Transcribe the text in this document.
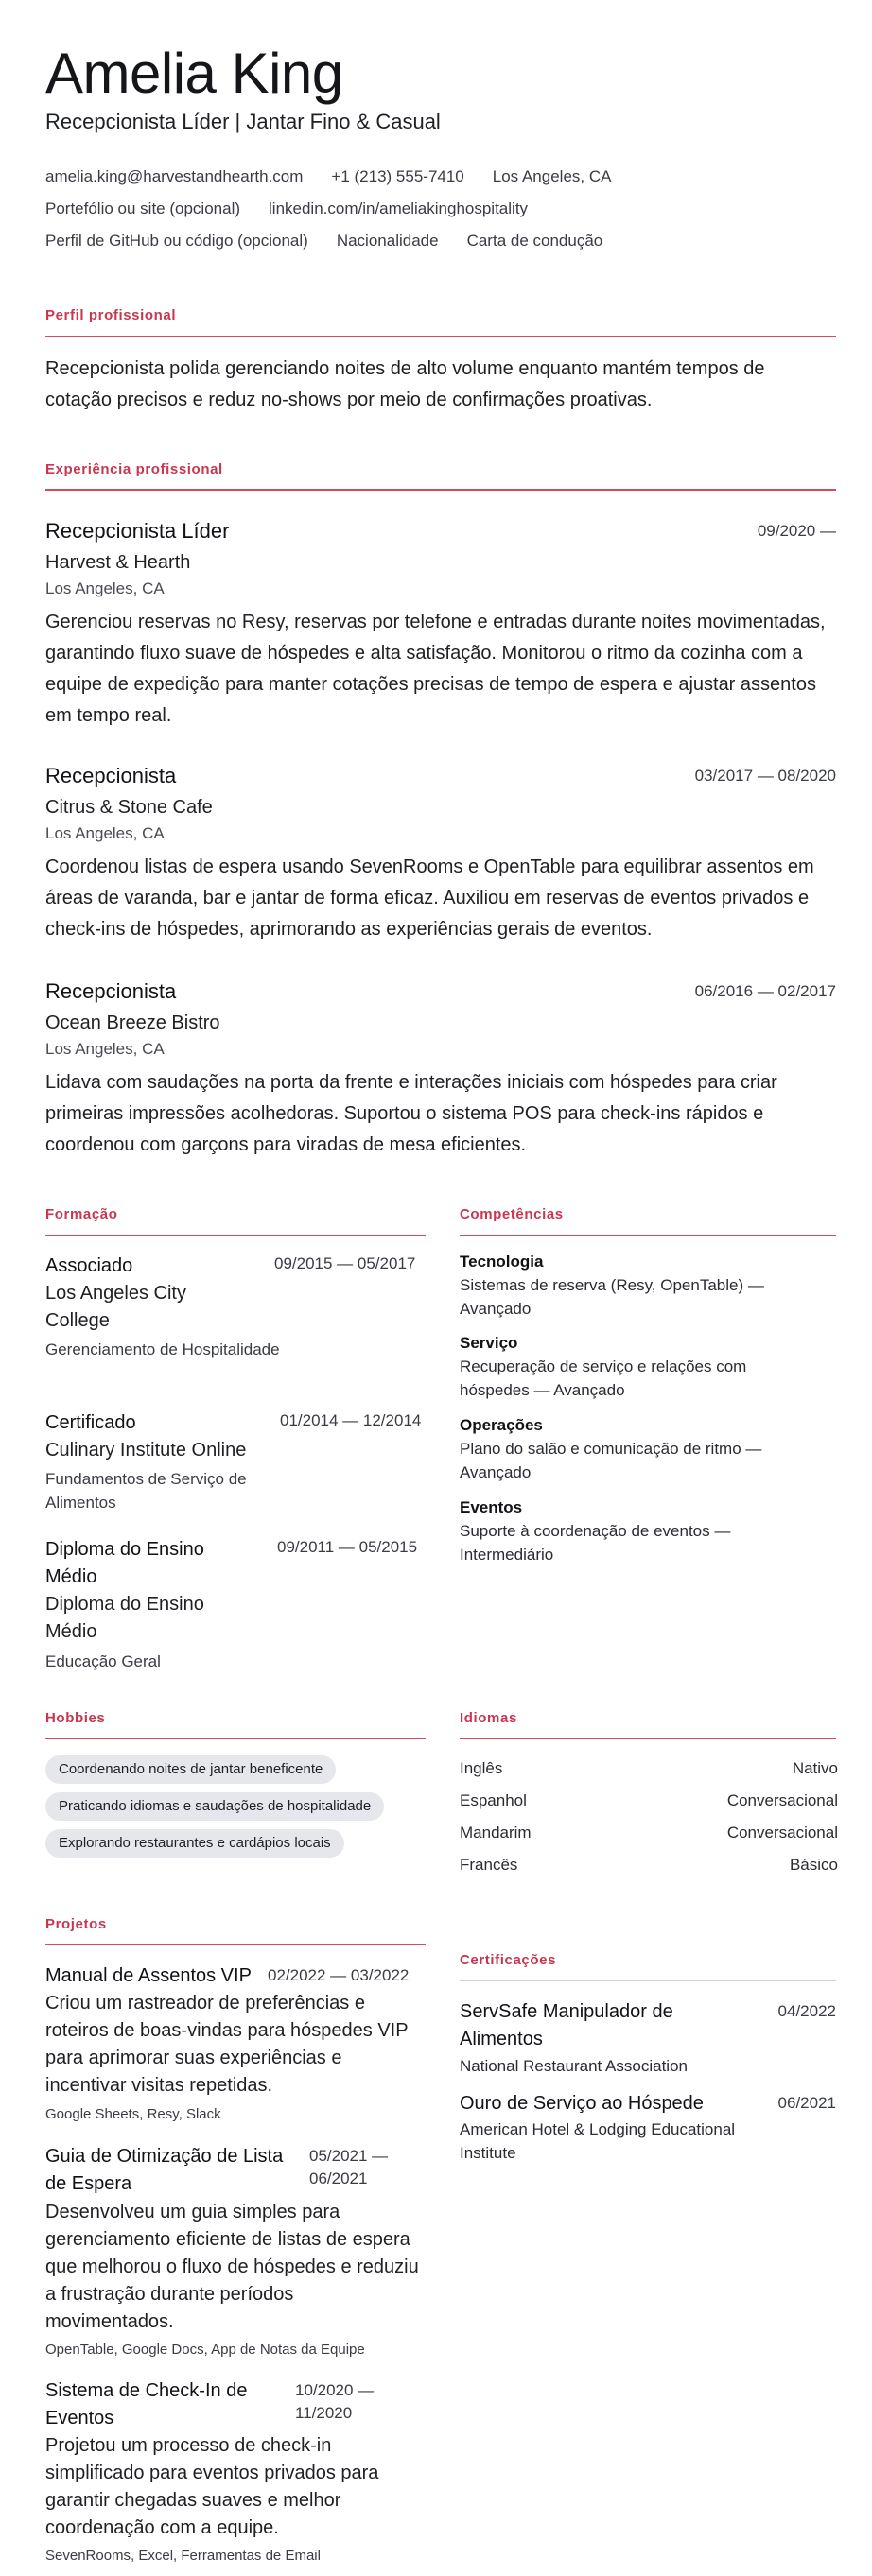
Amelia King
Recepcionista Líder | Jantar Fino & Casual
amelia.king@harvestandhearth.com +1 (213) 555-7410 Los Angeles, CA
Portefólio ou site (opcional) linkedin.com/in/ameliakinghospitality
Perfil de GitHub ou código (opcional) Nacionalidade Carta de condução
Perfil profissional
Recepcionista polida gerenciando noites de alto volume enquanto mantém tempos de cotação precisos e reduz no-shows por meio de confirmações proativas.
Experiência profissional
Recepcionista Líder	09/2020 —
Harvest & Hearth
Los Angeles, CA
Gerenciou reservas no Resy, reservas por telefone e entradas durante noites movimentadas, garantindo fluxo suave de hóspedes e alta satisfação. Monitorou o ritmo da cozinha com a equipe de expedição para manter cotações precisas de tempo de espera e ajustar assentos em tempo real.
Recepcionista	03/2017 — 08/2020
Citrus & Stone Cafe
Los Angeles, CA
Coordenou listas de espera usando SevenRooms e OpenTable para equilibrar assentos em áreas de varanda, bar e jantar de forma eficaz. Auxiliou em reservas de eventos privados e check-ins de hóspedes, aprimorando as experiências gerais de eventos.
Recepcionista	06/2016 — 02/2017
Ocean Breeze Bistro
Los Angeles, CA
Lidava com saudações na porta da frente e interações iniciais com hóspedes para criar primeiras impressões acolhedoras. Suportou o sistema POS para check-ins rápidos e coordenou com garçons para viradas de mesa eficientes.
Formação
Associado	09/2015 — 05/2017
Los Angeles City College
Gerenciamento de Hospitalidade
Certificado	01/2014 — 12/2014
Culinary Institute Online
Fundamentos de Serviço de Alimentos
Diploma do Ensino Médio
09/2011 — 05/2015
Diploma do Ensino Médio
Educação Geral
Competências
Tecnologia
Sistemas de reserva (Resy, OpenTable) — Avançado
Serviço
Recuperação de serviço e relações com hóspedes — Avançado
Operações
Plano do salão e comunicação de ritmo — Avançado
Eventos
Suporte à coordenação de eventos — Intermediário
Hobbies
Coordenando noites de jantar beneficente
Praticando idiomas e saudações de hospitalidade
Explorando restaurantes e cardápios locais
Idiomas
Inglês	Nativo
Espanhol	Conversacional
Mandarim	Conversacional
Francês	Básico
Projetos
Manual de Assentos VIP	02/2022 — 03/2022
Criou um rastreador de preferências e roteiros de boas-vindas para hóspedes VIP para aprimorar suas experiências e incentivar visitas repetidas.
Google Sheets, Resy, Slack
Guia de Otimização de Lista de Espera
05/2021 — 06/2021
Desenvolveu um guia simples para gerenciamento eficiente de listas de espera que melhorou o fluxo de hóspedes e reduziu a frustração durante períodos movimentados.
OpenTable, Google Docs, App de Notas da Equipe
Sistema de Check-In de Eventos
10/2020 — 11/2020
Projetou um processo de check-in simplificado para eventos privados para garantir chegadas suaves e melhor coordenação com a equipe.
SevenRooms, Excel, Ferramentas de Email
Certificações
ServSafe Manipulador de Alimentos
04/2022
National Restaurant Association
Ouro de Serviço ao Hóspede	06/2021
American Hotel & Lodging Educational Institute
